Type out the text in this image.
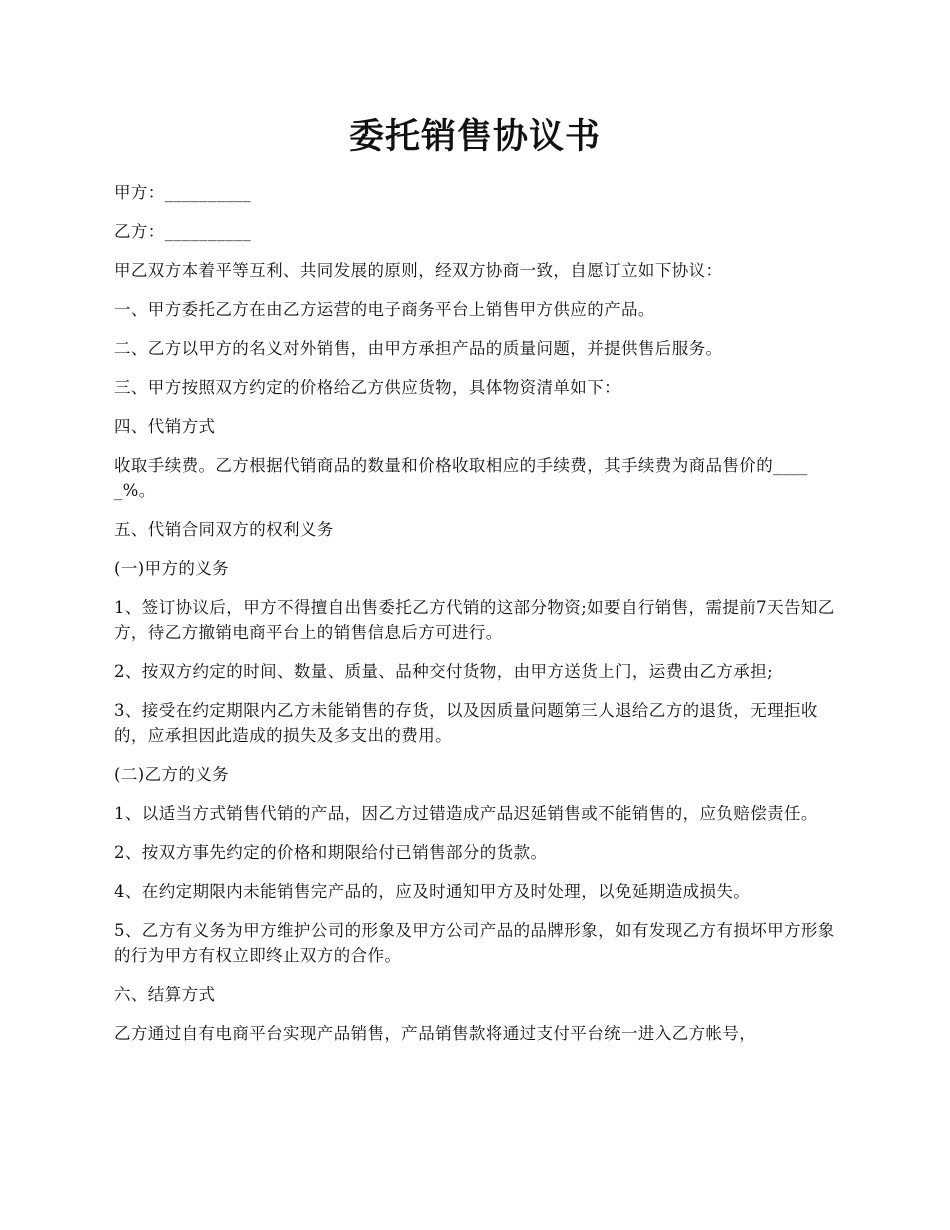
委托销售协议书

甲方：__________

乙方：__________

甲乙双方本着平等互利、共同发展的原则，经双方协商一致，自愿订立如下协议：

一、甲方委托乙方在由乙方运营的电子商务平台上销售甲方供应的产品。

二、乙方以甲方的名义对外销售，由甲方承担产品的质量问题，并提供售后服务。

三、甲方按照双方约定的价格给乙方供应货物，具体物资清单如下：

四、代销方式

收取手续费。乙方根据代销商品的数量和价格收取相应的手续费，其手续费为商品售价的_____%。

五、代销合同双方的权利义务

(一)甲方的义务

1、签订协议后，甲方不得擅自出售委托乙方代销的这部分物资;如要自行销售，需提前7天告知乙方，待乙方撤销电商平台上的销售信息后方可进行。

2、按双方约定的时间、数量、质量、品种交付货物，由甲方送货上门，运费由乙方承担;

3、接受在约定期限内乙方未能销售的存货，以及因质量问题第三人退给乙方的退货，无理拒收的，应承担因此造成的损失及多支出的费用。

(二)乙方的义务

1、以适当方式销售代销的产品，因乙方过错造成产品迟延销售或不能销售的，应负赔偿责任。

2、按双方事先约定的价格和期限给付已销售部分的货款。

4、在约定期限内未能销售完产品的，应及时通知甲方及时处理，以免延期造成损失。

5、乙方有义务为甲方维护公司的形象及甲方公司产品的品牌形象，如有发现乙方有损坏甲方形象的行为甲方有权立即终止双方的合作。

六、结算方式

乙方通过自有电商平台实现产品销售，产品销售款将通过支付平台统一进入乙方帐号，
